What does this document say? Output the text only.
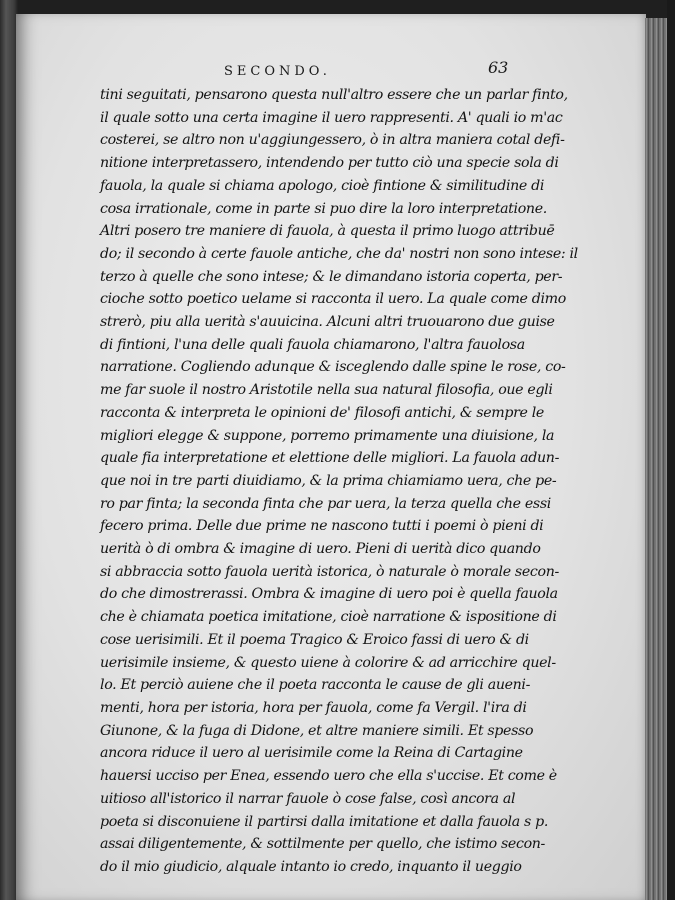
SECONDO.	63
tini seguitati, pensarono questa null'altro essere che un parlar finto,
il quale sotto una certa imagine il uero rappresenti. A' quali io m'ac
costerei, se altro non u'aggiungessero, ò in altra maniera cotal defi-
nitione interpretassero, intendendo per tutto ciò una specie sola di
fauola, la quale si chiama apologo, cioè fintione & similitudine di
cosa irrationale, come in parte si puo dire la loro interpretatione.
Altri posero tre maniere di fauola, à questa il primo luogo attribuē
do; il secondo à certe fauole antiche, che da' nostri non sono intese: il
terzo à quelle che sono intese; & le dimandano istoria coperta, per-
cioche sotto poetico uelame si racconta il uero. La quale come dimo
strerò, piu alla uerità s'auuicina. Alcuni altri truouarono due guise
di fintioni, l'una delle quali fauola chiamarono, l'altra fauolosa
narratione. Cogliendo adunque & isceglendo dalle spine le rose, co-
me far suole il nostro Aristotile nella sua natural filosofia, oue egli
racconta & interpreta le opinioni de' filosofi antichi, & sempre le
migliori elegge & suppone, porremo primamente una diuisione, la
quale fia interpretatione et elettione delle migliori. La fauola adun-
que noi in tre parti diuidiamo, & la prima chiamiamo uera, che pe-
ro par finta; la seconda finta che par uera, la terza quella che essi
fecero prima. Delle due prime ne nascono tutti i poemi ò pieni di
uerità ò di ombra & imagine di uero. Pieni di uerità dico quando
si abbraccia sotto fauola uerità istorica, ò naturale ò morale secon-
do che dimostrerassi. Ombra & imagine di uero poi è quella fauola
che è chiamata poetica imitatione, cioè narratione & ispositione di
cose uerisimili. Et il poema Tragico & Eroico fassi di uero & di
uerisimile insieme, & questo uiene à colorire & ad arricchire quel-
lo. Et perciò auiene che il poeta racconta le cause de gli aueni-
menti, hora per istoria, hora per fauola, come fa Vergil. l'ira di
Giunone, & la fuga di Didone, et altre maniere simili. Et spesso
ancora riduce il uero al uerisimile come la Reina di Cartagine
hauersi ucciso per Enea, essendo uero che ella s'uccise. Et come è
uitioso all'istorico il narrar fauole ò cose false, così ancora al
poeta si disconuiene il partirsi dalla imitatione et dalla fauola s p.
assai diligentemente, & sottilmente per quello, che istimo secon-
do il mio giudicio, alquale intanto io credo, inquanto il ueggio
